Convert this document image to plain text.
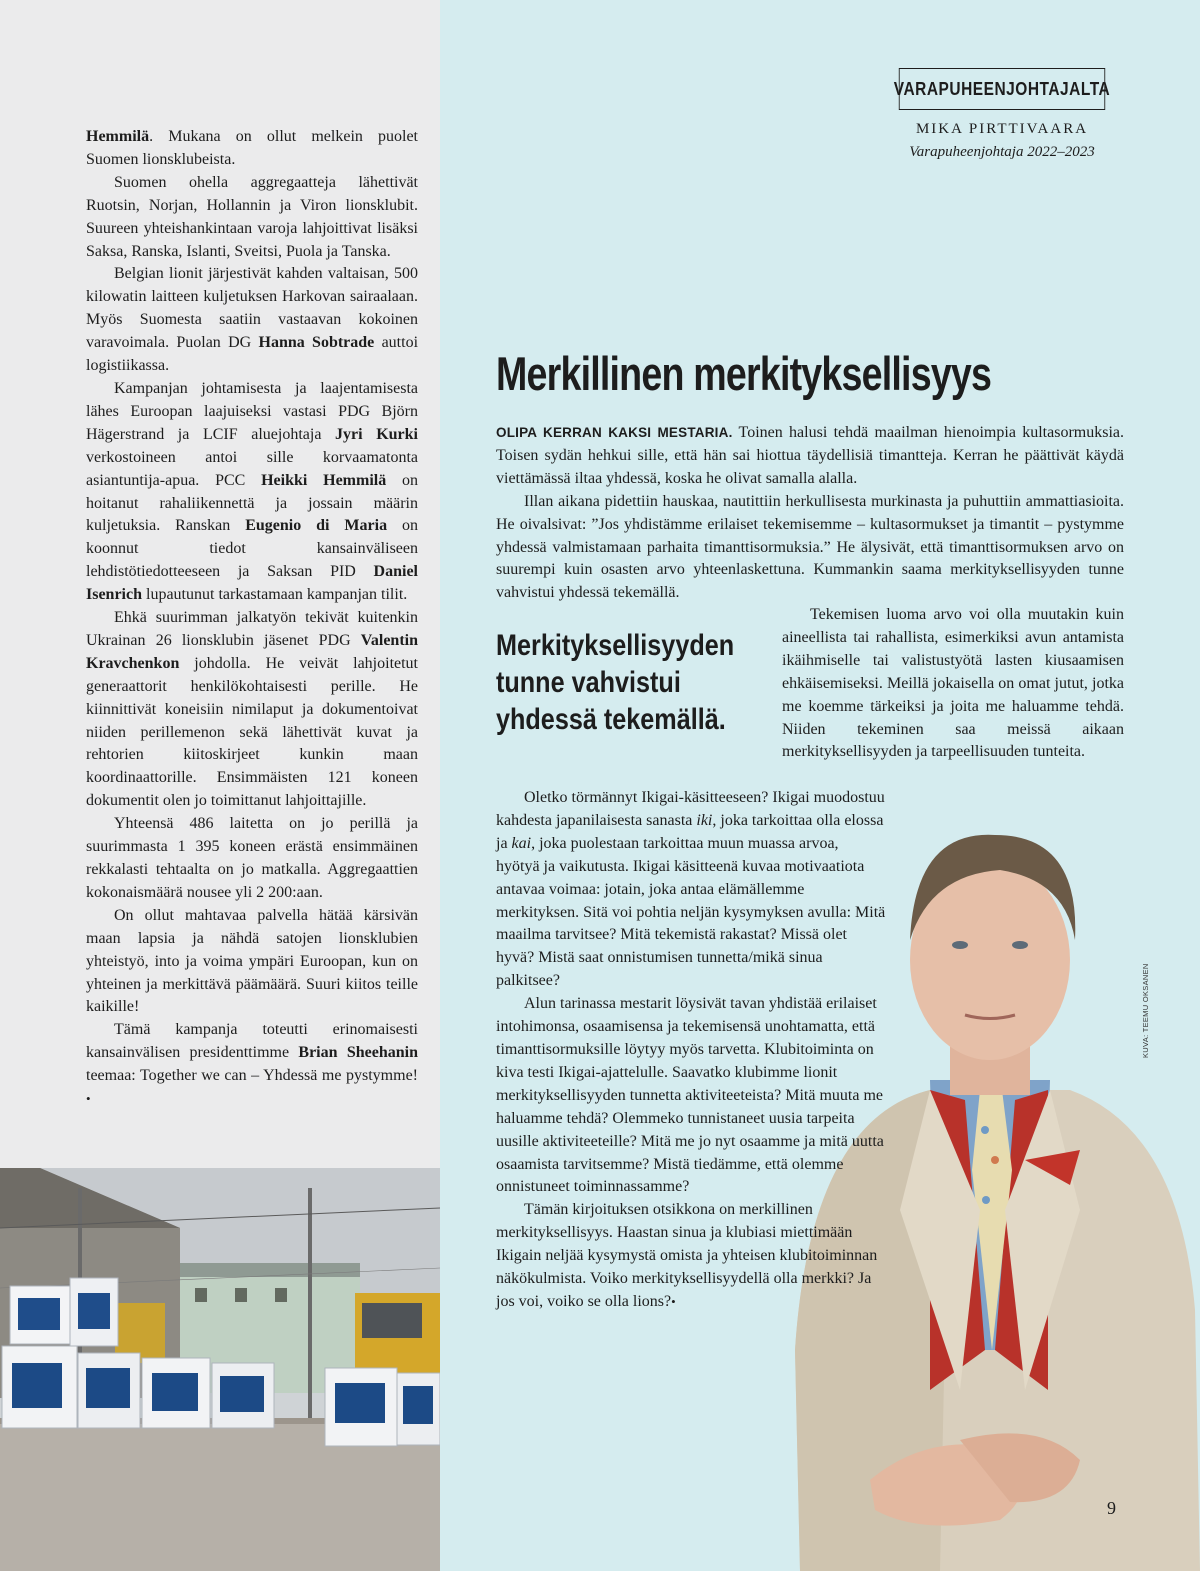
Hemmilä. Mukana on ollut melkein puolet Suomen lionsklubeista.

Suomen ohella aggregaatteja lähettivät Ruotsin, Norjan, Hollannin ja Viron lionsklubit. Suureen yhteishankintaan varoja lahjoittivat lisäksi Saksa, Ranska, Islanti, Sveitsi, Puola ja Tanska.

Belgian lionit järjestivät kahden valtaisan, 500 kilowatin laitteen kuljetuksen Harkovan sairaalaan. Myös Suomesta saatiin vastaavan kokoinen varavoimala. Puolan DG Hanna Sobtrade auttoi logistiikassa.

Kampanjan johtamisesta ja laajentamisesta lähes Euroopan laajuiseksi vastasi PDG Björn Hägerstrand ja LCIF aluejohtaja Jyri Kurki verkostoineen antoi sille korvaamatonta asiantuntija-apua. PCC Heikki Hemmilä on hoitanut rahaliikennettä ja jossain määrin kuljetuksia. Ranskan Eugenio di Maria on koonnut tiedot kansainväliseen lehdistötiedotteeseen ja Saksan PID Daniel Isenrich lupautunut tarkastamaan kampanjan tilit.

Ehkä suurimman jalkatyön tekivät kuitenkin Ukrainan 26 lionsklubin jäsenet PDG Valentin Kravchenkon johdolla. He veivät lahjoitetut generaattorit henkilökohtaisesti perille. He kiinnittivät koneisiin nimilaput ja dokumentoivat niiden perillemenon sekä lähettivät kuvat ja rehtorien kiitoskirjeet kunkin maan koordinaattorille. Ensimmäisten 121 koneen dokumentit olen jo toimittanut lahjoittajille.

Yhteensä 486 laitetta on jo perillä ja suurimmasta 1 395 koneen erästä ensimmäinen rekkalasti tehtaalta on jo matkalla. Aggregaattien kokonaismäärä nousee yli 2 200:aan.

On ollut mahtavaa palvella hätää kärsivän maan lapsia ja nähdä satojen lionsklubien yhteistyö, into ja voima ympäri Euroopan, kun on yhteinen ja merkittävä päämäärä. Suuri kiitos teille kaikille!

Tämä kampanja toteutti erinomaisesti kansainvälisen presidenttimme Brian Sheehanin teemaa: Together we can – Yhdessä me pystymme!•

VARAPUHEENJOHTAJALTA
MIKA PIRTTIVAARA
Varapuheenjohtaja 2022–2023
Merkillinen merkityksellisyys

OLIPA KERRAN KAKSI MESTARIA. Toinen halusi tehdä maailman hienoimpia kultasormuksia. Toisen sydän hehkui sille, että hän sai hiottua täydellisiä timantteja. Kerran he päättivät käydä viettämässä iltaa yhdessä, koska he olivat samalla alalla.

Illan aikana pidettiin hauskaa, nautittiin herkullisesta murkinasta ja puhuttiin ammattiasioita. He oivalsivat: ”Jos yhdistämme erilaiset tekemisemme – kultasormukset ja timantit – pystymme yhdessä valmistamaan parhaita timanttisormuksia.” He älysivät, että timanttisormuksen arvo on suurempi kuin osasten arvo yhteenlaskettuna. Kummankin saama merkityksellisyyden tunne vahvistui yhdessä tekemällä.

Merkityksellisyyden tunne vahvistui yhdessä tekemällä.

Tekemisen luoma arvo voi olla muutakin kuin aineellista tai rahallista, esimerkiksi avun antamista ikäihmiselle tai valistustyötä lasten kiusaamisen ehkäisemiseksi. Meillä jokaisella on omat jutut, jotka me koemme tärkeiksi ja joita me haluamme tehdä. Niiden tekeminen saa meissä aikaan merkityksellisyyden ja tarpeellisuuden tunteita.

Oletko törmännyt Ikigai-käsitteeseen? Ikigai muodostuu kahdesta japanilaisesta sanasta iki, joka tarkoittaa olla elossa ja kai, joka puolestaan tarkoittaa muun muassa arvoa, hyötyä ja vaikutusta. Ikigai käsitteenä kuvaa motivaatiota antavaa voimaa: jotain, joka antaa elämällemme merkityksen. Sitä voi pohtia neljän kysymyksen avulla: Mitä maailma tarvitsee? Mitä tekemistä rakastat? Missä olet hyvä? Mistä saat onnistumisen tunnetta/mikä sinua palkitsee?

Alun tarinassa mestarit löysivät tavan yhdistää erilaiset intohimonsa, osaamisensa ja tekemisensä unohtamatta, että timanttisormuksille löytyy myös tarvetta. Klubitoiminta on kiva testi Ikigai-ajattelulle. Saavatko klubimme lionit merkityksellisyyden tunnetta aktiviteeteista? Mitä muuta me haluamme tehdä? Olemmeko tunnistaneet uusia tarpeita uusille aktiviteeteille? Mitä me jo nyt osaamme ja mitä uutta osaamista tarvitsemme? Mistä tiedämme, että olemme onnistuneet toiminnassamme?

Tämän kirjoituksen otsikkona on merkillinen merkityksellisyys. Haastan sinua ja klubiasi miettimään Ikigain neljää kysymystä omista ja yhteisen klubitoiminnan näkökulmista. Voiko merkityksellisyydellä olla merkki? Ja jos voi, voiko se olla lions?•

KUVA: TEEMU OKSANEN
9
